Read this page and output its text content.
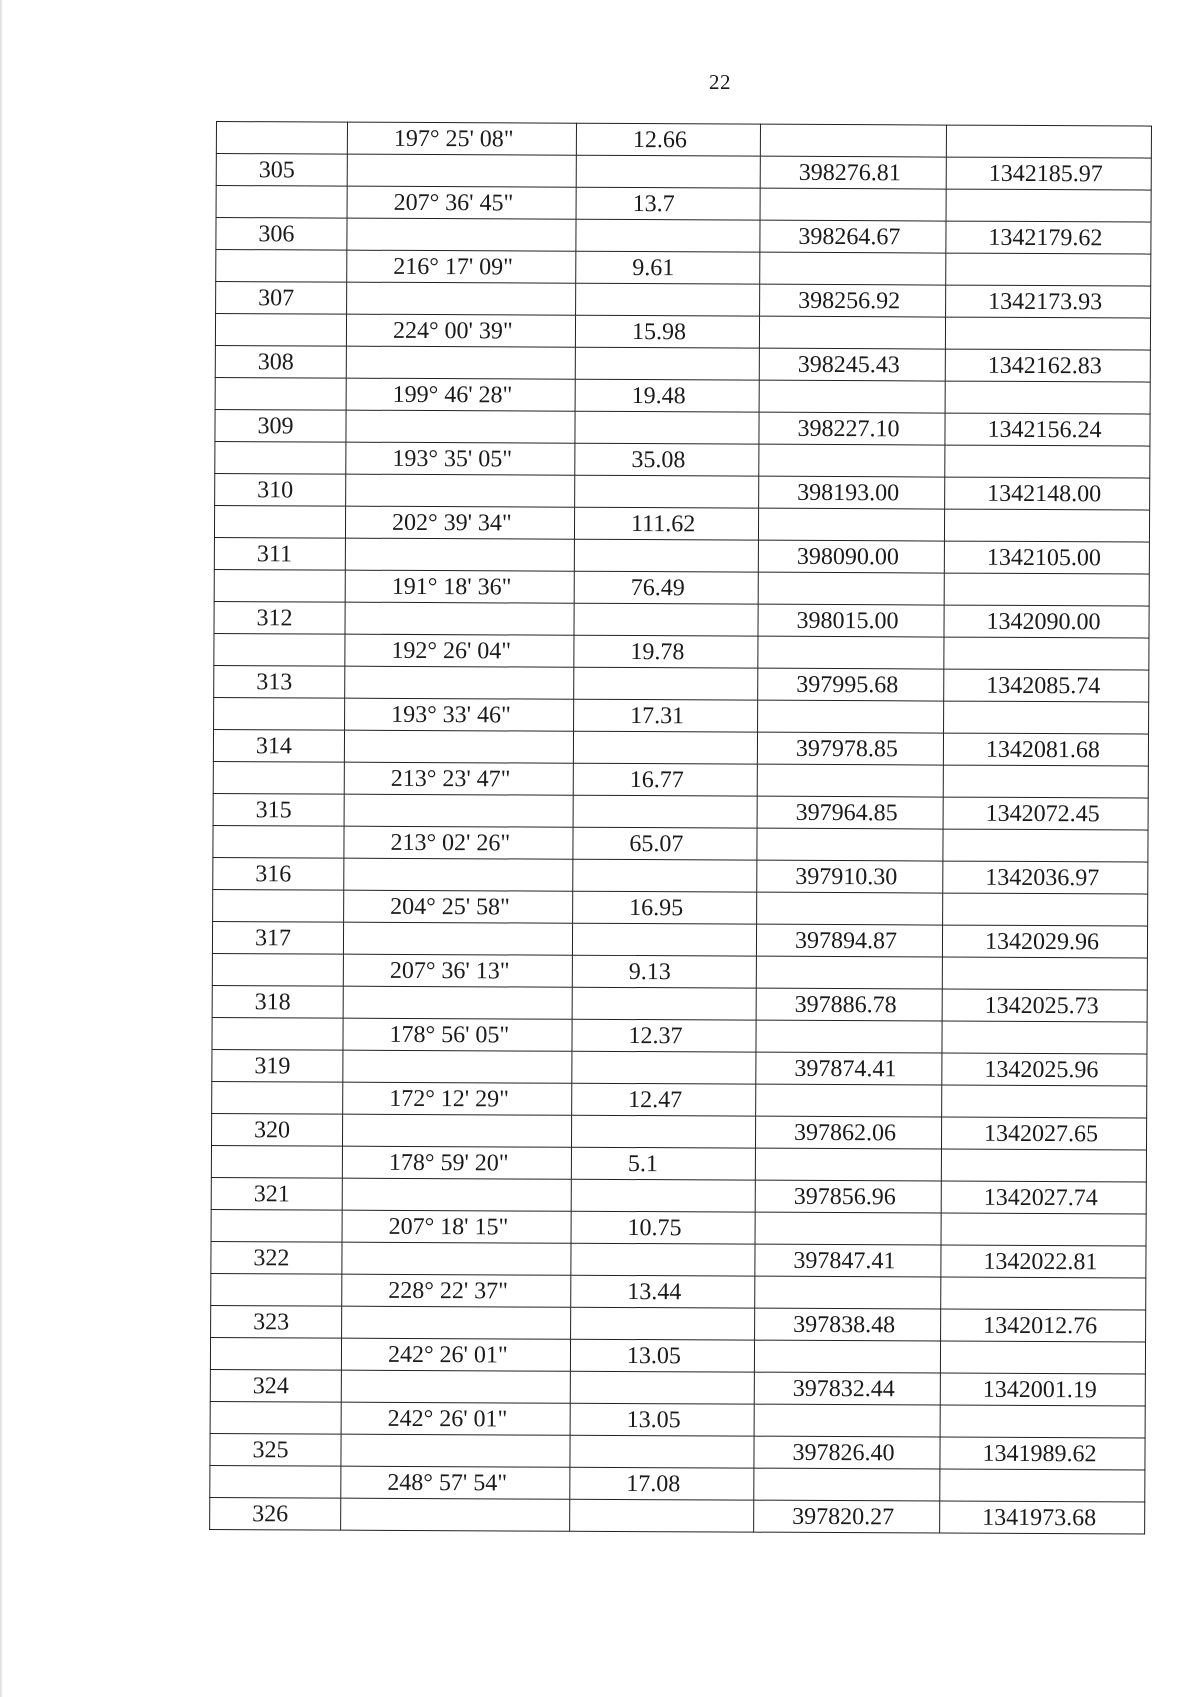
22
	197° 25' 08"	12.66		
305			398276.81	1342185.97
	207° 36' 45"	13.7		
306			398264.67	1342179.62
	216° 17' 09"	9.61		
307			398256.92	1342173.93
	224° 00' 39"	15.98		
308			398245.43	1342162.83
	199° 46' 28"	19.48		
309			398227.10	1342156.24
	193° 35' 05"	35.08		
310			398193.00	1342148.00
	202° 39' 34"	111.62		
311			398090.00	1342105.00
	191° 18' 36"	76.49		
312			398015.00	1342090.00
	192° 26' 04"	19.78		
313			397995.68	1342085.74
	193° 33' 46"	17.31		
314			397978.85	1342081.68
	213° 23' 47"	16.77		
315			397964.85	1342072.45
	213° 02' 26"	65.07		
316			397910.30	1342036.97
	204° 25' 58"	16.95		
317			397894.87	1342029.96
	207° 36' 13"	9.13		
318			397886.78	1342025.73
	178° 56' 05"	12.37		
319			397874.41	1342025.96
	172° 12' 29"	12.47		
320			397862.06	1342027.65
	178° 59' 20"	5.1		
321			397856.96	1342027.74
	207° 18' 15"	10.75		
322			397847.41	1342022.81
	228° 22' 37"	13.44		
323			397838.48	1342012.76
	242° 26' 01"	13.05		
324			397832.44	1342001.19
	242° 26' 01"	13.05		
325			397826.40	1341989.62
	248° 57' 54"	17.08		
326			397820.27	1341973.68
